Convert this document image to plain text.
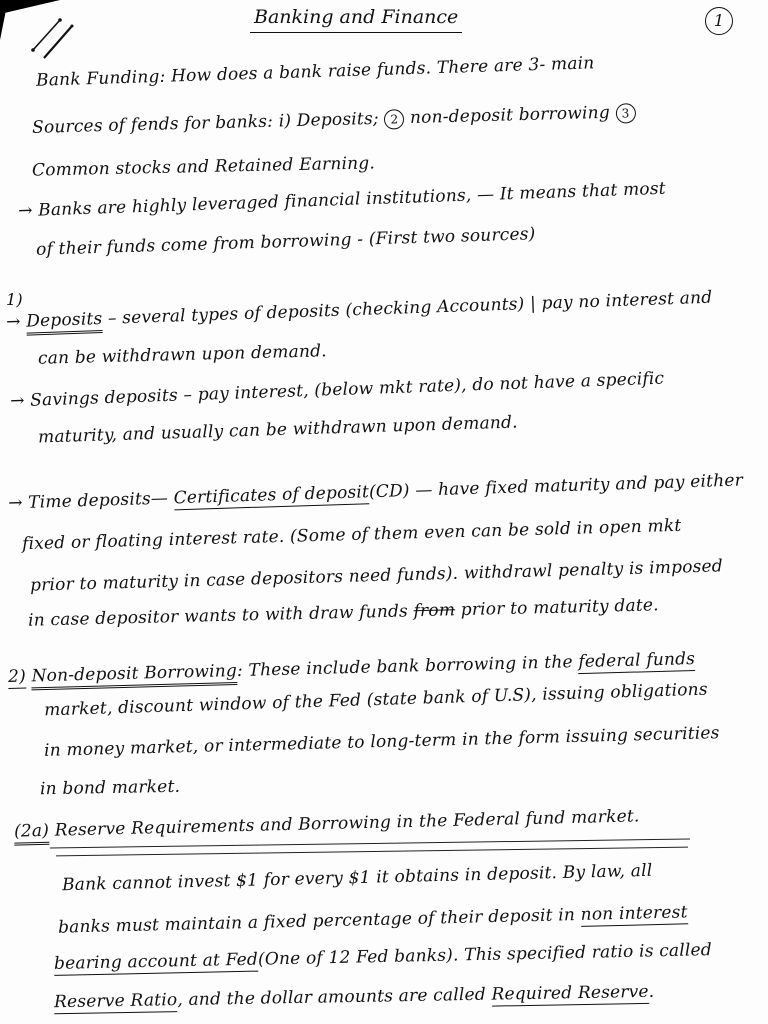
Banking and Finance	1
Bank Funding: How does a bank raise funds. There are 3- main
Sources of fends for banks: i) Deposits; 2 non-deposit borrowing 3
Common stocks and Retained Earning.
→ Banks are highly leveraged financial institutions, — It means that most
of their funds come from borrowing - (First two sources)
1)
→ Deposits – several types of deposits (checking Accounts) | pay no interest and
can be withdrawn upon demand.
→ Savings deposits – pay interest, (below mkt rate), do not have a specific
maturity, and usually can be withdrawn upon demand.
→ Time deposits— Certificates of deposit(CD) — have fixed maturity and pay either
fixed or floating interest rate. (Some of them even can be sold in open mkt
prior to maturity in case depositors need funds). withdrawl penalty is imposed
in case depositor wants to with draw funds from prior to maturity date.
2) Non-deposit Borrowing: These include bank borrowing in the federal funds
market, discount window of the Fed (state bank of U.S), issuing obligations
in money market, or intermediate to long-term in the form issuing securities
in bond market.
(2a) Reserve Requirements and Borrowing in the Federal fund market.
Bank cannot invest $1 for every $1 it obtains in deposit. By law, all
banks must maintain a fixed percentage of their deposit in non interest
bearing account at Fed(One of 12 Fed banks). This specified ratio is called
Reserve Ratio, and the dollar amounts are called Required Reserve.
